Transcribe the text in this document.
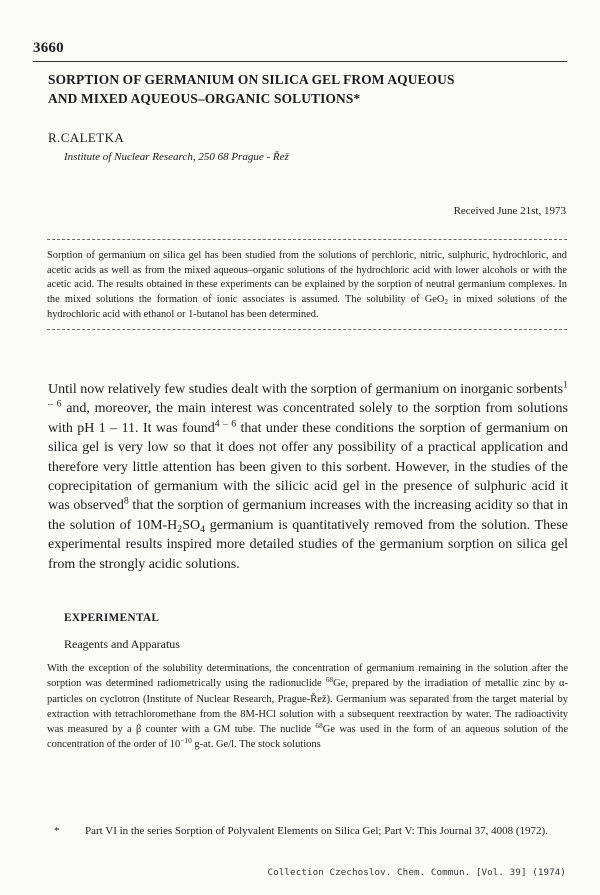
3660
SORPTION OF GERMANIUM ON SILICA GEL FROM AQUEOUS
AND MIXED AQUEOUS–ORGANIC SOLUTIONS*
R.CALETKA
Institute of Nuclear Research, 250 68 Prague - Řež
Received June 21st, 1973
Sorption of germanium on silica gel has been studied from the solutions of perchloric, nitric, sulphuric, hydrochloric, and acetic acids as well as from the mixed aqueous–organic solutions of the hydrochloric acid with lower alcohols or with the acetic acid. The results obtained in these experiments can be explained by the sorption of neutral germanium complexes. In the mixed solutions the formation of ionic associates is assumed. The solubility of GeO$_2$ in mixed solutions of the hydrochloric acid with ethanol or 1-butanol has been determined.
Until now relatively few studies dealt with the sorption of germanium on inorganic sorbents$^{1 - 6}$ and, moreover, the main interest was concentrated solely to the sorption from solutions with pH 1 – 11. It was found$^{4 - 6}$ that under these conditions the sorption of germanium on silica gel is very low so that it does not offer any possibility of a practical application and therefore very little attention has been given to this sorbent. However, in the studies of the coprecipitation of germanium with the silicic acid gel in the presence of sulphuric acid it was observed$^8$ that the sorption of germanium increases with the increasing acidity so that in the solution of $10M-H_2SO_4$ germanium is quantitatively removed from the solution. These experimental results inspired more detailed studies of the germanium sorption on silica gel from the strongly acidic solutions.
EXPERIMENTAL
Reagents and Apparatus
With the exception of the solubility determinations, the concentration of germanium remaining in the solution after the sorption was determined radiometrically using the radionuclide $^{68}$Ge, prepared by the irradiation of metallic zinc by α-particles on cyclotron (Institute of Nuclear Research, Prague-Řež). Germanium was separated from the target material by extraction with tetrachloromethane from the 8M-HCl solution with a subsequent reextraction by water. The radioactivity was measured by a β counter with a GM tube. The nuclide $^{68}$Ge was used in the form of an aqueous solution of the concentration of the order of $10^{-10}$ g-at. Ge/l. The stock solutions
* Part VI in the series Sorption of Polyvalent Elements on Silica Gel; Part V: This Journal 37, 4008 (1972).
Collection Czechoslov. Chem. Commun. [Vol. 39] (1974)
